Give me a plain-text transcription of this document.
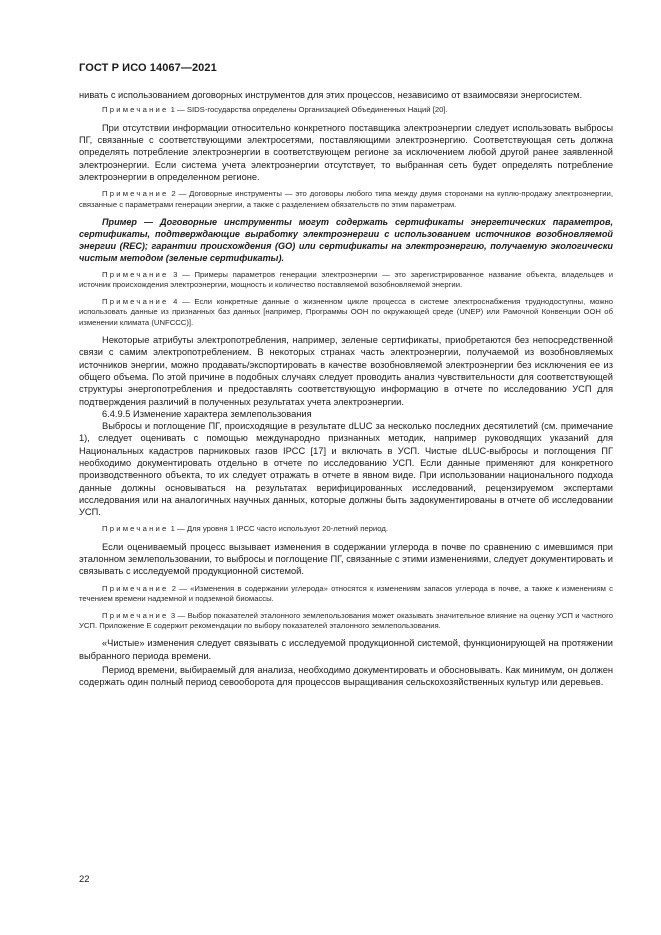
ГОСТ Р ИСО 14067—2021

нивать с использованием договорных инструментов для этих процессов, независимо от взаимосвязи энергосистем.

Примечание 1 — SIDS-государства определены Организацией Объединенных Наций [20].

При отсутствии информации относительно конкретного поставщика электроэнергии следует использовать выбросы ПГ, связанные с соответствующими электросетями, поставляющими электроэнергию. Соответствующая сеть должна определять потребление электроэнергии в соответствующем регионе за исключением любой другой ранее заявленной электроэнергии. Если система учета электроэнергии отсутствует, то выбранная сеть будет определять потребление электроэнергии в определенном регионе.

Примечание 2 — Договорные инструменты — это договоры любого типа между двумя сторонами на куплю-продажу электроэнергии, связанные с параметрами генерации энергии, а также с разделением обязательств по этим параметрам.

Пример — Договорные инструменты могут содержать сертификаты энергетических параметров, сертификаты, подтверждающие выработку электроэнергии с использованием источников возобновляемой энергии (REC); гарантии происхождения (GO) или сертификаты на электроэнергию, получаемую экологически чистым методом (зеленые сертификаты).

Примечание 3 — Примеры параметров генерации электроэнергии — это зарегистрированное название объекта, владельцев и источник происхождения электроэнергии, мощность и количество поставляемой возобновляемой энергии.

Примечание 4 — Если конкретные данные о жизненном цикле процесса в системе электроснабжения труднодоступны, можно использовать данные из признанных баз данных [например, Программы ООН по окружающей среде (UNEP) или Рамочной Конвенции ООН об изменении климата (UNFCCC)].

Некоторые атрибуты электропотребления, например, зеленые сертификаты, приобретаются без непосредственной связи с самим электропотреблением. В некоторых странах часть электроэнергии, получаемой из возобновляемых источников энергии, можно продавать/экспортировать в качестве возобновляемой электроэнергии без исключения ее из общего объема. По этой причине в подобных случаях следует проводить анализ чувствительности для соответствующей структуры энергопотребления и предоставлять соответствующую информацию в отчете по исследованию УСП для подтверждения различий в полученных результатах учета электроэнергии.

6.4.9.5 Изменение характера землепользования

Выбросы и поглощение ПГ, происходящие в результате dLUC за несколько последних десятилетий (см. примечание 1), следует оценивать с помощью международно признанных методик, например руководящих указаний для Национальных кадастров парниковых газов IPCC [17] и включать в УСП. Чистые dLUC-выбросы и поглощения ПГ необходимо документировать отдельно в отчете по исследованию УСП. Если данные применяют для конкретного производственного объекта, то их следует отражать в отчете в явном виде. При использовании национального подхода данные должны основываться на результатах верифицированных исследований, рецензируемом экспертами исследования или на аналогичных научных данных, которые должны быть задокументированы в отчете об исследовании УСП.

Примечание 1 — Для уровня 1 IPCC часто используют 20-летний период.

Если оцениваемый процесс вызывает изменения в содержании углерода в почве по сравнению с имевшимся при эталонном землепользовании, то выбросы и поглощение ПГ, связанные с этими изменениями, следует документировать и связывать с исследуемой продукционной системой.

Примечание 2 — «Изменения в содержании углерода» относятся к изменениям запасов углерода в почве, а также к изменениям с течением времени надземной и подземной биомассы.

Примечание 3 — Выбор показателей эталонного землепользования может оказывать значительное влияние на оценку УСП и частного УСП. Приложение Е содержит рекомендации по выбору показателей эталонного землепользования.

«Чистые» изменения следует связывать с исследуемой продукционной системой, функционирующей на протяжении выбранного периода времени.

Период времени, выбираемый для анализа, необходимо документировать и обосновывать. Как минимум, он должен содержать один полный период севооборота для процессов выращивания сельскохозяйственных культур или деревьев.

22
